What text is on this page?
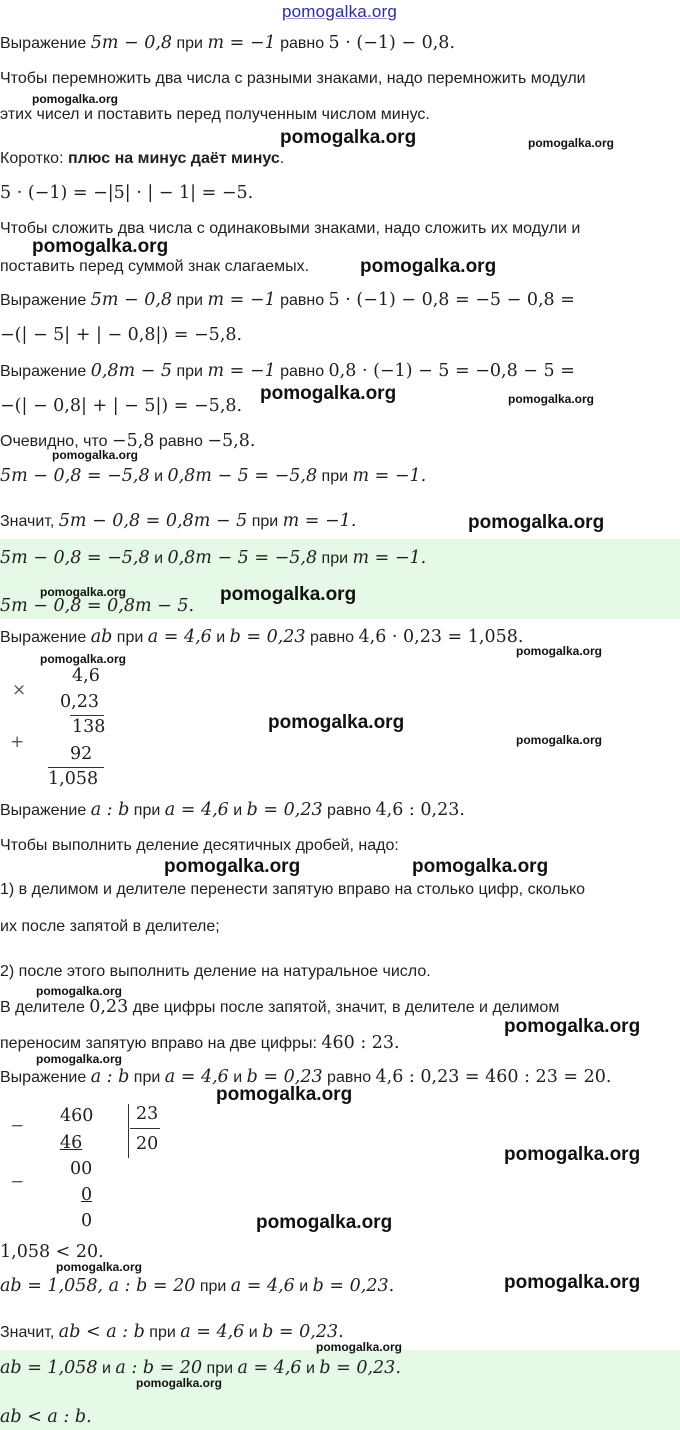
Выражение 5m − 0,8 при m = −1 равно 5 · (−1) − 0,8.
Чтобы перемножить два числа с разными знаками, надо перемножить модули
этих чисел и поставить перед полученным числом минус.
Коротко: плюс на минус даёт минус.
5 · (−1) = −|5| · | − 1| = −5.
Чтобы сложить два числа с одинаковыми знаками, надо сложить их модули и
поставить перед суммой знак слагаемых.
Выражение 5m − 0,8 при m = −1 равно 5 · (−1) − 0,8 = −5 − 0,8 =
−(| − 5| + | − 0,8|) = −5,8.
Выражение 0,8m − 5 при m = −1 равно 0,8 · (−1) − 5 = −0,8 − 5 =
−(| − 0,8| + | − 5|) = −5,8.
Очевидно, что −5,8 равно −5,8.
5m − 0,8 = −5,8 и 0,8m − 5 = −5,8 при m = −1.
Значит, 5m − 0,8 = 0,8m − 5 при m = −1.
5m − 0,8 = −5,8 и 0,8m − 5 = −5,8 при m = −1.
5m − 0,8 = 0,8m − 5.
Выражение ab при a = 4,6 и b = 0,23 равно 4,6 · 0,23 = 1,058.
×
4,6
0,23
138
+
92
1,058
Выражение a : b при a = 4,6 и b = 0,23 равно 4,6 : 0,23.
Чтобы выполнить деление десятичных дробей, надо:
1) в делимом и делителе перенести запятую вправо на столько цифр, сколько
их после запятой в делителе;
2) после этого выполнить деление на натуральное число.
В делителе 0,23 две цифры после запятой, значит, в делителе и делимом
переносим запятую вправо на две цифры: 460 : 23.
Выражение a : b при a = 4,6 и b = 0,23 равно 4,6 : 0,23 = 460 : 23 = 20.
− 460
46
23
20
00
−
0
0
1,058 < 20.
ab = 1,058, a : b = 20 при a = 4,6 и b = 0,23.
Значит, ab < a : b при a = 4,6 и b = 0,23.
ab = 1,058 и a : b = 20 при a = 4,6 и b = 0,23.
ab < a : b.
pomogalka.org
pomogalka.org
pomogalka.org	pomogalka.org
pomogalka.org
pomogalka.org
pomogalka.org	pomogalka.org
pomogalka.org
pomogalka.org
pomogalka.org	pomogalka.org
pomogalka.org
pomogalka.org
pomogalka.org
pomogalka.org
pomogalka.org	pomogalka.org
pomogalka.org
pomogalka.org
pomogalka.org
pomogalka.org
pomogalka.org
pomogalka.org
pomogalka.org
pomogalka.org
pomogalka.org
pomogalka.org
